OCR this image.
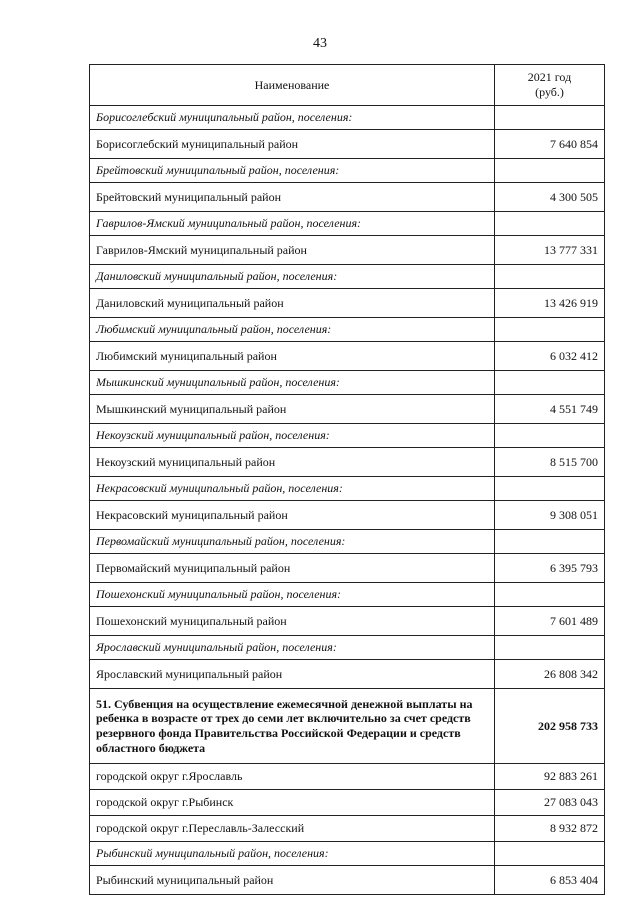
43
Наименование	2021 год
(руб.)
Борисоглебский муниципальный район, поселения:	
Борисоглебский муниципальный район	7 640 854
Брейтовский муниципальный район, поселения:	
Брейтовский муниципальный район	4 300 505
Гаврилов-Ямский муниципальный район, поселения:	
Гаврилов-Ямский муниципальный район	13 777 331
Даниловский муниципальный район, поселения:	
Даниловский муниципальный район	13 426 919
Любимский муниципальный район, поселения:	
Любимский муниципальный район	6 032 412
Мышкинский муниципальный район, поселения:	
Мышкинский муниципальный район	4 551 749
Некоузский муниципальный район, поселения:	
Некоузский муниципальный район	8 515 700
Некрасовский муниципальный район, поселения:	
Некрасовский муниципальный район	9 308 051
Первомайский муниципальный район, поселения:	
Первомайский муниципальный район	6 395 793
Пошехонский муниципальный район, поселения:	
Пошехонский муниципальный район	7 601 489
Ярославский муниципальный район, поселения:	
Ярославский муниципальный район	26 808 342
51. Субвенция на осуществление ежемесячной денежной выплаты на ребенка в возрасте от трех до семи лет включительно за счет средств резервного фонда Правительства Российской Федерации и средств областного бюджета	202 958 733
городской округ г.Ярославль	92 883 261
городской округ г.Рыбинск	27 083 043
городской округ г.Переславль-Залесский	8 932 872
Рыбинский муниципальный район, поселения:	
Рыбинский муниципальный район	6 853 404
